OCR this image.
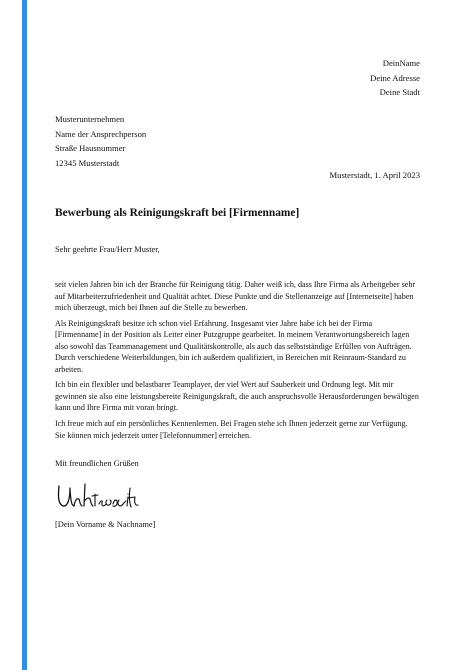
DeinName
Deine Adresse
Deine Stadt
Musterunternehmen
Name der Ansprechperson
Straße Hausnummer
12345 Musterstadt
Musterstadt, 1. April 2023
Bewerbung als Reinigungskraft bei [Firmenname]
Sehr geehrte Frau/Herr Muster,

seit vielen Jahren bin ich der Branche für Reinigung tätig. Daher weiß ich, dass Ihre Firma als Arbeitgeber sehr auf Mitarbeiterzufriedenheit und Qualität achtet. Diese Punkte und die Stellenanzeige auf [Internetseite] haben mich überzeugt, mich bei Ihnen auf die Stelle zu bewerben.

Als Reinigungskraft besitze ich schon viel Erfahrung. Insgesamt vier Jahre habe ich bei der Firma [Firmenname] in der Position als Leiter einer Putzgruppe gearbeitet. In meinem Verantwortungsbereich lagen also sowohl das Teammanagement und Qualitätskontrolle, als auch das selbstständige Erfüllen von Aufträgen. Durch verschiedene Weiterbildungen, bin ich außerdem qualifiziert, in Bereichen mit Reinraum-Standard zu arbeiten.

Ich bin ein flexibler und belastbarer Teamplayer, der viel Wert auf Sauberkeit und Ordnung legt. Mit mir gewinnen sie also eine leistungsbereite Reinigungskraft, die auch anspruchsvolle Herausforderungen bewältigen kann und Ihre Firma mit voran bringt.

Ich freue mich auf ein persönliches Kennenlernen. Bei Fragen stehe ich Ihnen jederzeit gerne zur Verfügung. Sie können mich jederzeit unter [Telefonnummer] erreichen.

Mit freundlichen Grüßen
[Dein Vorname & Nachname]
